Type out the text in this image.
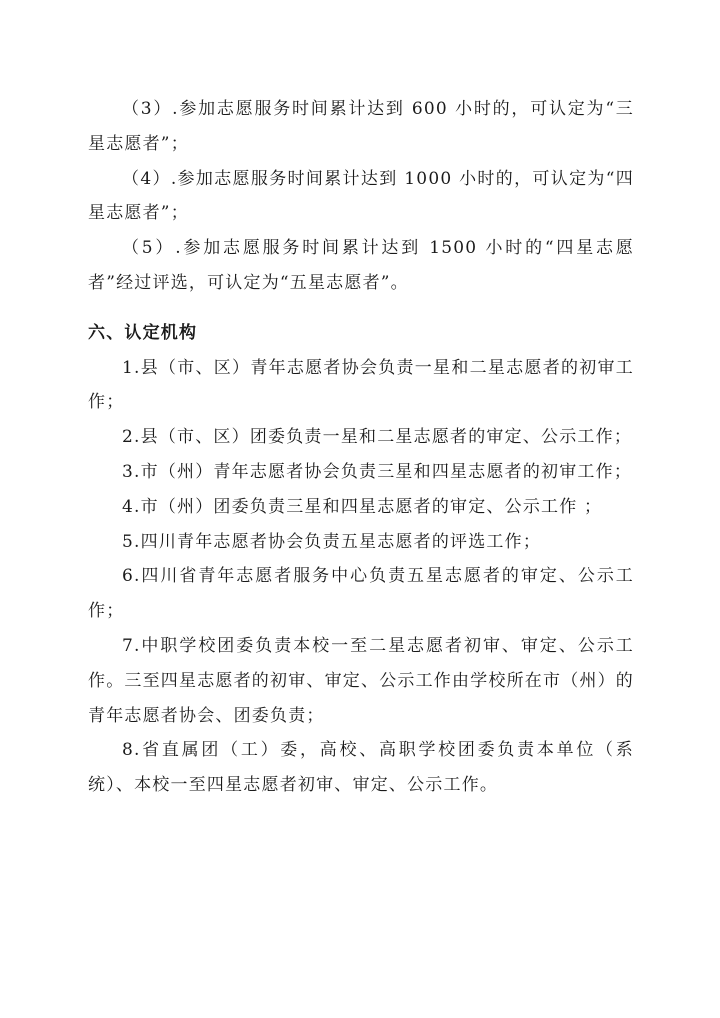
（3）.参加志愿服务时间累计达到 600 小时的，可认定为“三星志愿者”；

（4）.参加志愿服务时间累计达到 1000 小时的，可认定为“四星志愿者”；

（5）.参加志愿服务时间累计达到 1500 小时的“四星志愿者”经过评选，可认定为“五星志愿者”。

六、认定机构

1.县（市、区）青年志愿者协会负责一星和二星志愿者的初审工作；

2.县（市、区）团委负责一星和二星志愿者的审定、公示工作；

3.市（州）青年志愿者协会负责三星和四星志愿者的初审工作；

4.市（州）团委负责三星和四星志愿者的审定、公示工作 ；

5.四川青年志愿者协会负责五星志愿者的评选工作；

6.四川省青年志愿者服务中心负责五星志愿者的审定、公示工作；

7.中职学校团委负责本校一至二星志愿者初审、审定、公示工作。三至四星志愿者的初审、审定、公示工作由学校所在市（州）的青年志愿者协会、团委负责；

8.省直属团（工）委，高校、高职学校团委负责本单位（系统）、本校一至四星志愿者初审、审定、公示工作。
